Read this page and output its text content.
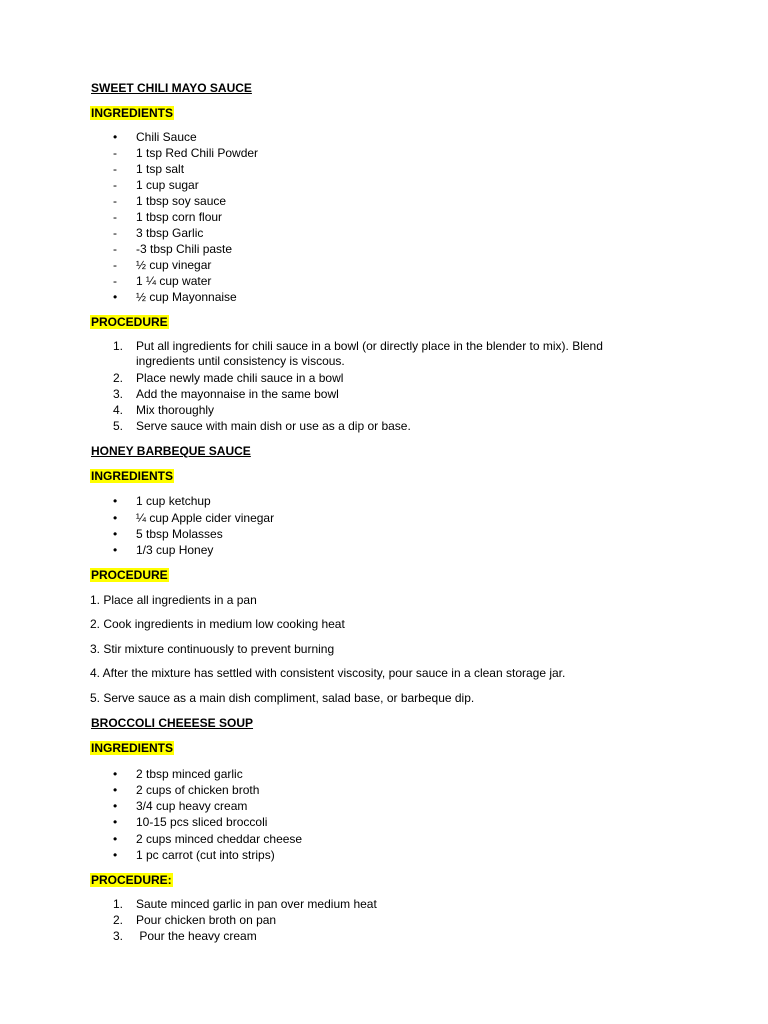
SWEET CHILI MAYO SAUCE
INGREDIENTS
• Chili Sauce
- 1 tsp Red Chili Powder
- 1 tsp salt
- 1 cup sugar
- 1 tbsp soy sauce
- 1 tbsp corn flour
- 3 tbsp Garlic
- -3 tbsp Chili paste
- ½ cup vinegar
- 1 ¼ cup water
• ½ cup Mayonnaise
PROCEDURE
1. Put all ingredients for chili sauce in a bowl (or directly place in the blender to mix). Blend
ingredients until consistency is viscous.
2. Place newly made chili sauce in a bowl
3. Add the mayonnaise in the same bowl
4. Mix thoroughly
5. Serve sauce with main dish or use as a dip or base.
HONEY BARBEQUE SAUCE
INGREDIENTS
• 1 cup ketchup
• ¼ cup Apple cider vinegar
• 5 tbsp Molasses
• 1/3 cup Honey
PROCEDURE
1. Place all ingredients in a pan
2. Cook ingredients in medium low cooking heat
3. Stir mixture continuously to prevent burning
4. After the mixture has settled with consistent viscosity, pour sauce in a clean storage jar.
5. Serve sauce as a main dish compliment, salad base, or barbeque dip.
BROCCOLI CHEEESE SOUP
INGREDIENTS
• 2 tbsp minced garlic
• 2 cups of chicken broth
• 3/4 cup heavy cream
• 10-15 pcs sliced broccoli
• 2 cups minced cheddar cheese
• 1 pc carrot (cut into strips)
PROCEDURE:
1. Saute minced garlic in pan over medium heat
2. Pour chicken broth on pan
3. Pour the heavy cream
